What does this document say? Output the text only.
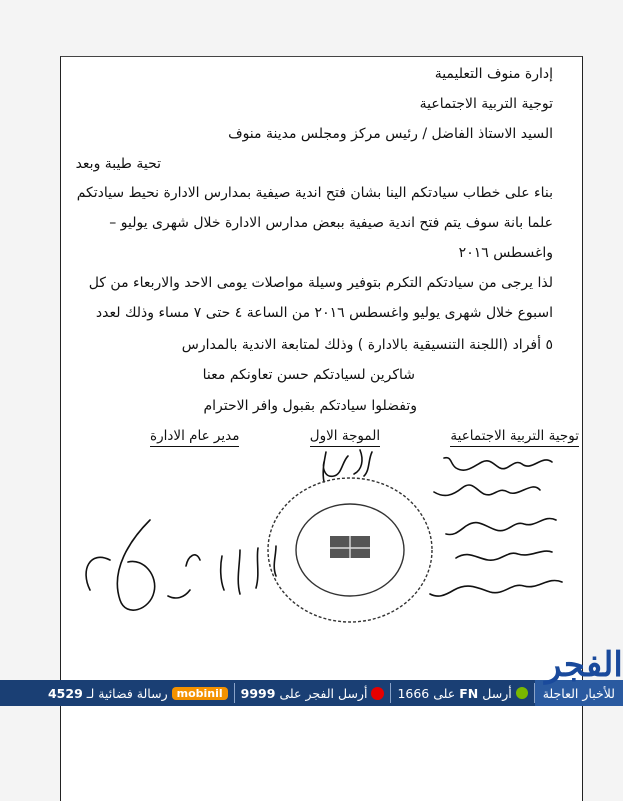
إدارة منوف التعليمية
توجية التربية الاجتماعية
السيد الاستاذ الفاضل / رئيس مركز ومجلس مدينة منوف
تحية طيبة وبعد
بناء على خطاب سيادتكم الينا بشان فتح اندية صيفية بمدارس الادارة نحيط سيادتكم
علما بانة سوف يتم فتح اندية صيفية ببعض مدارس الادارة خلال شهرى يوليو –
واغسطس ٢٠١٦
لذا يرجى من سيادتكم التكرم بتوفير وسيلة مواصلات يومى الاحد والاربعاء من كل
اسبوع خلال شهرى يوليو واغسطس ٢٠١٦ من الساعة ٤ حتى ٧ مساء وذلك لعدد
٥ أفراد (اللجنة التنسيقية بالادارة ) وذلك لمتابعة الاندية بالمدارس
شاكرين لسيادتكم حسن تعاونكم معنا
وتفضلوا سيادتكم بقبول وافر الاحترام
توجية التربية الاجتماعية
الموجة الاول
مدير عام الادارة
للأخبار العاجلة
أرسل
FN
على 1666
أرسل الفجر على
9999
mobinil
رسالة فضائية لـ
4529
الفجر
